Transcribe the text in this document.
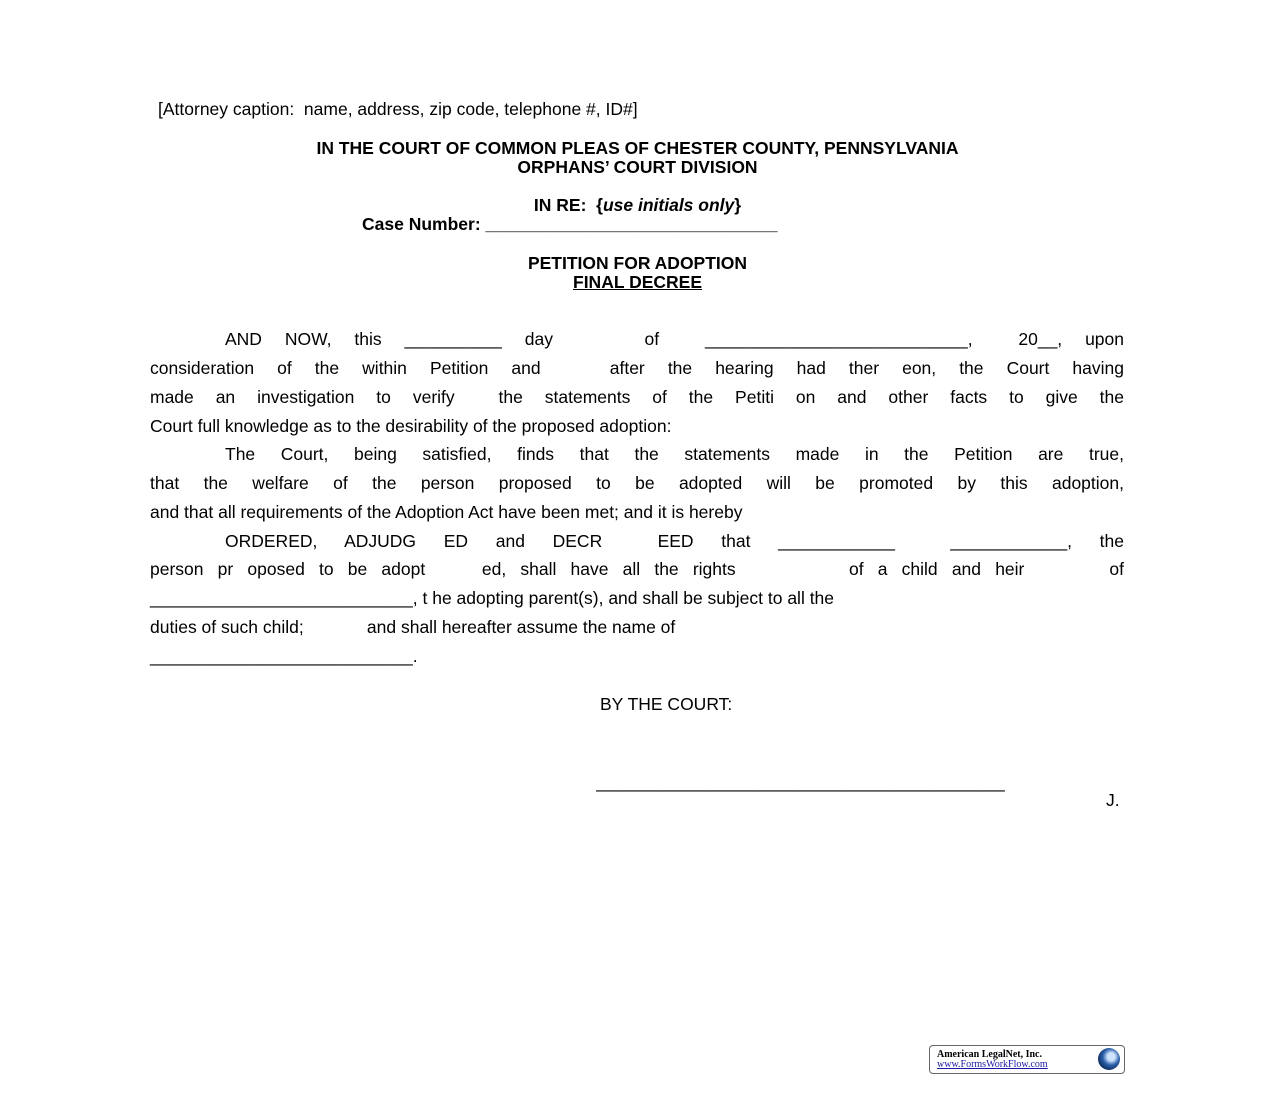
[Attorney caption:  name, address, zip code, telephone #, ID#]
IN THE COURT OF COMMON PLEAS OF CHESTER COUNTY, PENNSYLVANIA
ORPHANS’ COURT DIVISION
IN RE:  {use initials only}
Case Number: ______________________________
PETITION FOR ADOPTION
FINAL DECREE
AND NOW, this __________ day    of  ___________________________,  20__, upon
consideration of the within Petition and   after the hearing had ther eon, the Court having
made an investigation to verify  the statements of the Petiti on and other facts to give the
Court full knowledge as to the desirability of the proposed adoption:
The Court, being satisfied, finds that the statements made in the Petition are true,
that the welfare of the person proposed to be adopted will be promoted by this adoption,
and that all requirements of the Adoption Act have been met; and it is hereby
ORDERED, ADJUDG ED and DECR  EED that ____________  ____________, the
person pr oposed to be adopt    ed, shall have all the rights        of a child and heir      of
___________________________, t he adopting parent(s), and shall be subject to all the
duties of such child;             and shall hereafter assume the name of
___________________________.
BY THE COURT:
__________________________________________
J.
American LegalNet, Inc.
www.FormsWorkFlow.com
